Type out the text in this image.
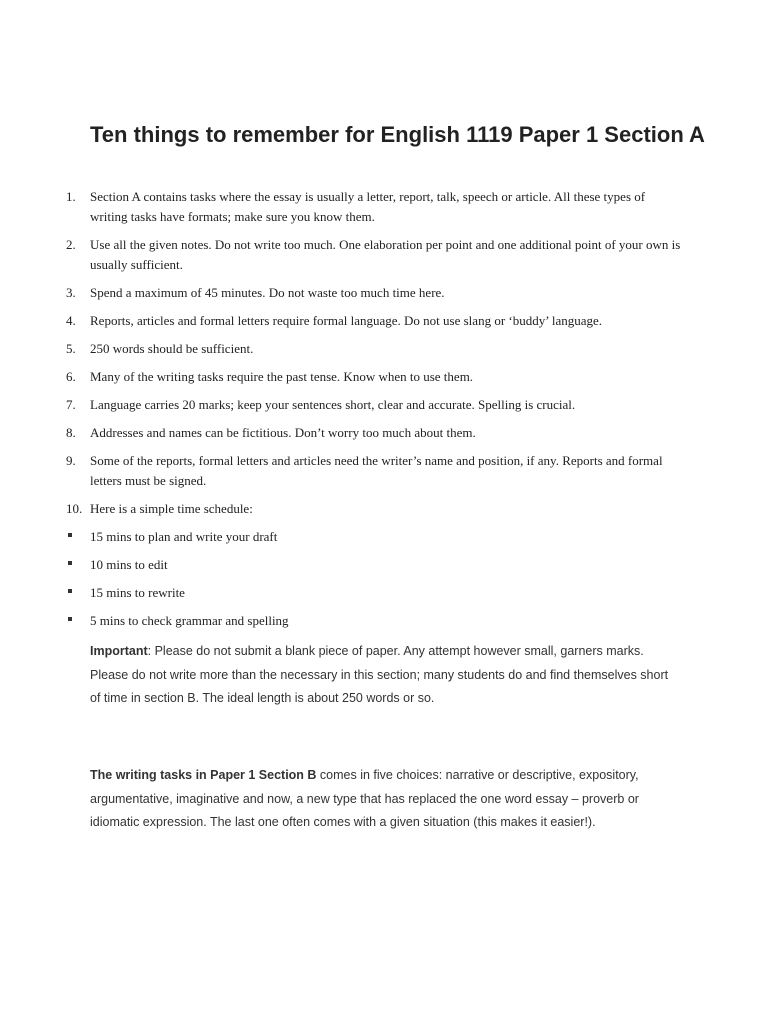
Ten things to remember for English 1119 Paper 1 Section A
1.	Section A contains tasks where the essay is usually a letter, report, talk, speech or article. All these types of writing tasks have formats; make sure you know them.
2.	Use all the given notes. Do not write too much. One elaboration per point and one additional point of your own is usually sufficient.
3.	Spend a maximum of 45 minutes. Do not waste too much time here.
4.	Reports, articles and formal letters require formal language. Do not use slang or ‘buddy’ language.
5.	250 words should be sufficient.
6.	Many of the writing tasks require the past tense. Know when to use them.
7.	Language carries 20 marks; keep your sentences short, clear and accurate. Spelling is crucial.
8.	Addresses and names can be fictitious. Don’t worry too much about them.
9.	Some of the reports, formal letters and articles need the writer’s name and position, if any. Reports and formal letters must be signed.
10. Here is a simple time schedule:
15 mins to plan and write your draft
10 mins to edit
15 mins to rewrite
5 mins to check grammar and spelling

Important: Please do not submit a blank piece of paper. Any attempt however small, garners marks. Please do not write more than the necessary in this section; many students do and find themselves short of time in section B. The ideal length is about 250 words or so.

The writing tasks in Paper 1 Section B comes in five choices: narrative or descriptive, expository, argumentative, imaginative and now, a new type that has replaced the one word essay – proverb or idiomatic expression. The last one often comes with a given situation (this makes it easier!).
